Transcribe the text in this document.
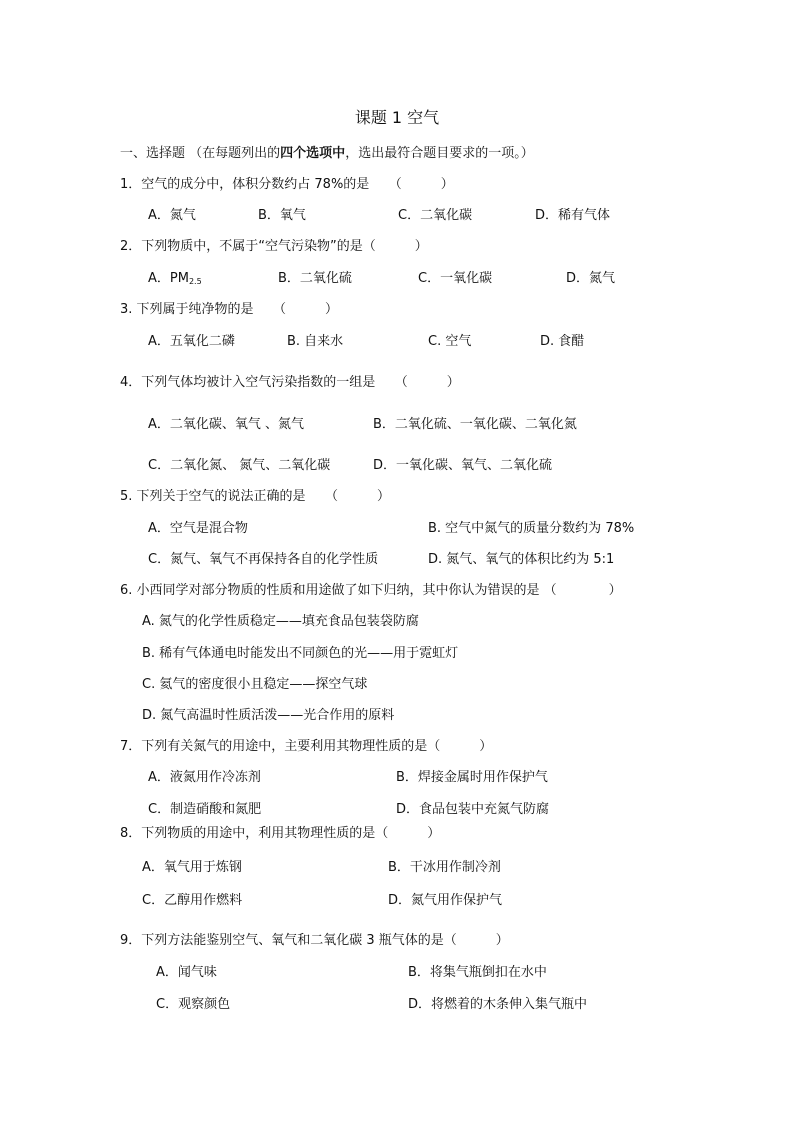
课题 1 空气
一、选择题 （在每题列出的四个选项中，选出最符合题目要求的一项。）
1．空气的成分中，体积分数约占 78%的是　　（　　　）
A．氮气	B．氧气	C．二氧化碳	D．稀有气体
2．下列物质中，不属于“空气污染物”的是（　　　）
A．$PM_{2.5}$	B．二氧化硫	C．一氧化碳	D．氮气
3. 下列属于纯净物的是　　（　　　）
A．五氧化二磷	B. 自来水	C. 空气	D. 食醋
4．下列气体均被计入空气污染指数的一组是　　（　　　）
A．二氧化碳、氧气 、氮气	B．二氧化硫、一氧化碳、二氧化氮
C．二氧化氮、 氮气、二氧化碳	D．一氧化碳、氧气、二氧化硫
5. 下列关于空气的说法正确的是　　（　　　）
A．空气是混合物	B. 空气中氮气的质量分数约为 78%
C．氮气、氧气不再保持各自的化学性质	D. 氮气、氧气的体积比约为 5:1
6. 小西同学对部分物质的性质和用途做了如下归纳，其中你认为错误的是 （　　　　）
A. 氮气的化学性质稳定——填充食品包装袋防腐
B. 稀有气体通电时能发出不同颜色的光——用于霓虹灯
C. 氦气的密度很小且稳定——探空气球
D. 氮气高温时性质活泼——光合作用的原料
7．下列有关氮气的用途中，主要利用其物理性质的是（　　　）
A．液氮用作冷冻剂	B．焊接金属时用作保护气
C．制造硝酸和氮肥	D．食品包装中充氮气防腐
8．下列物质的用途中，利用其物理性质的是（　　　）
A．氧气用于炼钢	B．干冰用作制冷剂
C．乙醇用作燃料	D．氮气用作保护气
9．下列方法能鉴别空气、氧气和二氧化碳 3 瓶气体的是（　　　）
A．闻气味	B．将集气瓶倒扣在水中
C．观察颜色	D．将燃着的木条伸入集气瓶中
